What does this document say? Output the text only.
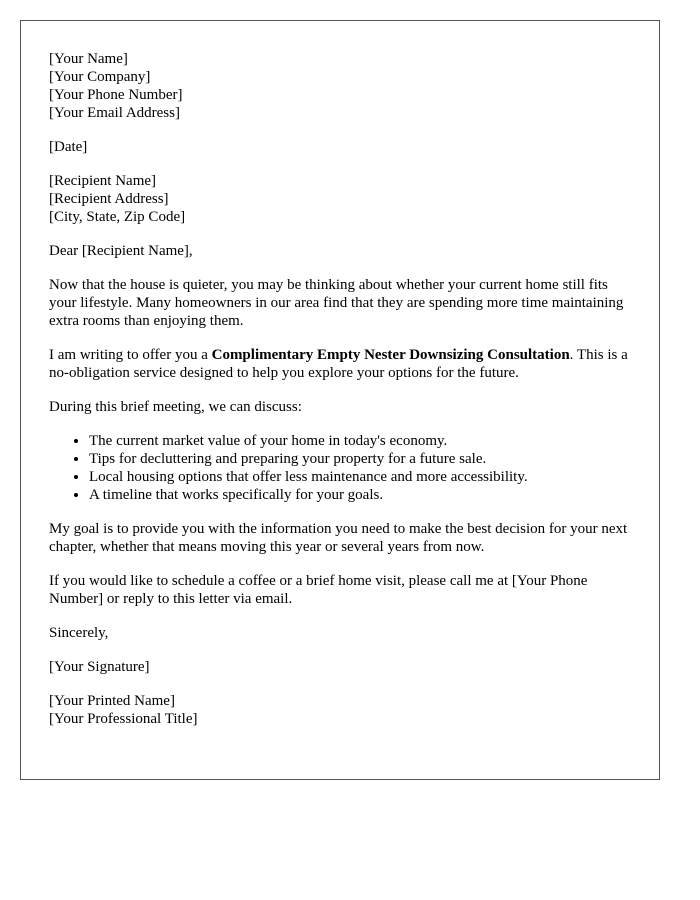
[Your Name]
[Your Company]
[Your Phone Number]
[Your Email Address]
[Date]
[Recipient Name]
[Recipient Address]
[City, State, Zip Code]

Dear [Recipient Name],

Now that the house is quieter, you may be thinking about whether your current home still fits your lifestyle. Many homeowners in our area find that they are spending more time maintaining extra rooms than enjoying them.

I am writing to offer you a Complimentary Empty Nester Downsizing Consultation. This is a no-obligation service designed to help you explore your options for the future.

During this brief meeting, we can discuss:

• The current market value of your home in today's economy.
• Tips for decluttering and preparing your property for a future sale.
• Local housing options that offer less maintenance and more accessibility.
• A timeline that works specifically for your goals.

My goal is to provide you with the information you need to make the best decision for your next chapter, whether that means moving this year or several years from now.

If you would like to schedule a coffee or a brief home visit, please call me at [Your Phone Number] or reply to this letter via email.

Sincerely,

[Your Signature]

[Your Printed Name]
[Your Professional Title]
